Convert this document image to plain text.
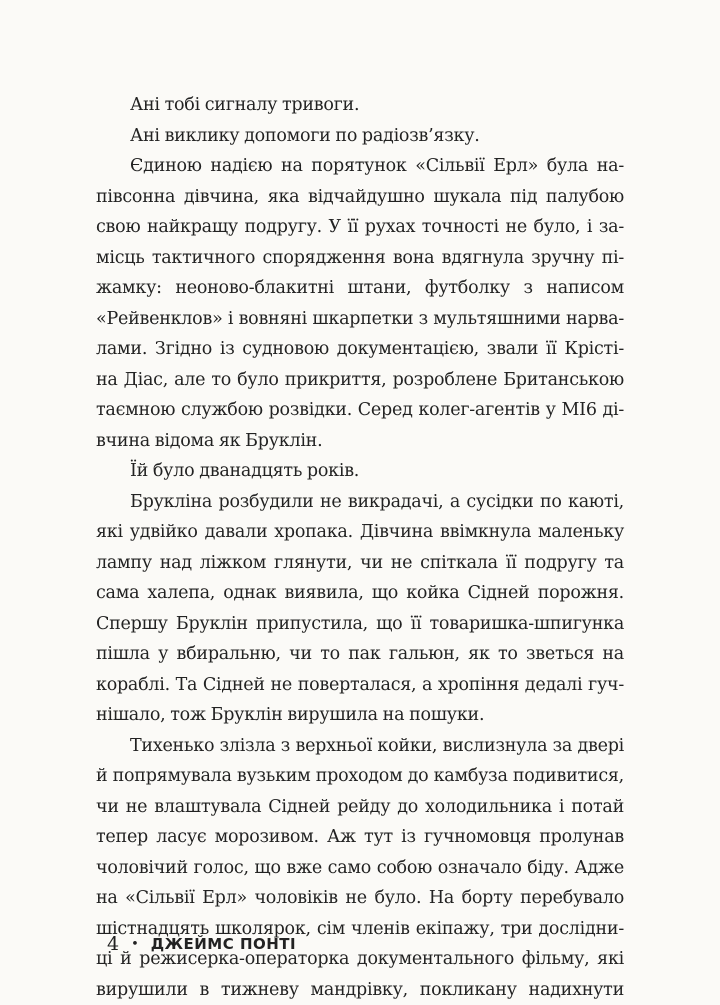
Ані тобі сигналу тривоги.
Ані виклику допомоги по радіозв’язку.
Єдиною надією на порятунок «Сільвії Ерл» була на-
півсонна дівчина, яка відчайдушно шукала під палубою
свою найкращу подругу. У її рухах точності не було, і за-
місць тактичного спорядження вона вдягнула зручну пі-
жамку: неоново-блакитні штани, футболку з написом
«Рейвенклов» і вовняні шкарпетки з мультяшними нарва-
лами. Згідно із судновою документацією, звали її Крісті-
на Діас, але то було прикриття, розроблене Британською
таємною службою розвідки. Серед колег-агентів у МІ6 ді-
вчина відома як Бруклін.
Їй було дванадцять років.
Брукліна розбудили не викрадачі, а сусідки по каюті,
які удвійко давали хропака. Дівчина ввімкнула маленьку
лампу над ліжком глянути, чи не спіткала її подругу та
сама халепа, однак виявила, що койка Сідней порожня.
Спершу Бруклін припустила, що її товаришка-шпигунка
пішла у вбиральню, чи то пак гальюн, як то зветься на
кораблі. Та Сідней не поверталася, а хропіння дедалі гуч-
нішало, тож Бруклін вирушила на пошуки.
Тихенько злізла з верхньої койки, вислизнула за двері
й попрямувала вузьким проходом до камбуза подивитися,
чи не влаштувала Сідней рейду до холодильника і потай
тепер ласує морозивом. Аж тут із гучномовця пролунав
чоловічий голос, що вже само собою означало біду. Адже
на «Сільвії Ерл» чоловіків не було. На борту перебувало
шістнадцять школярок, сім членів екіпажу, три дослідни-
ці й режисерка-операторка документального фільму, які
вирушили в тижневу мандрівку, покликану надихнути
4 • ДЖЕЙМС ПОНТІ
